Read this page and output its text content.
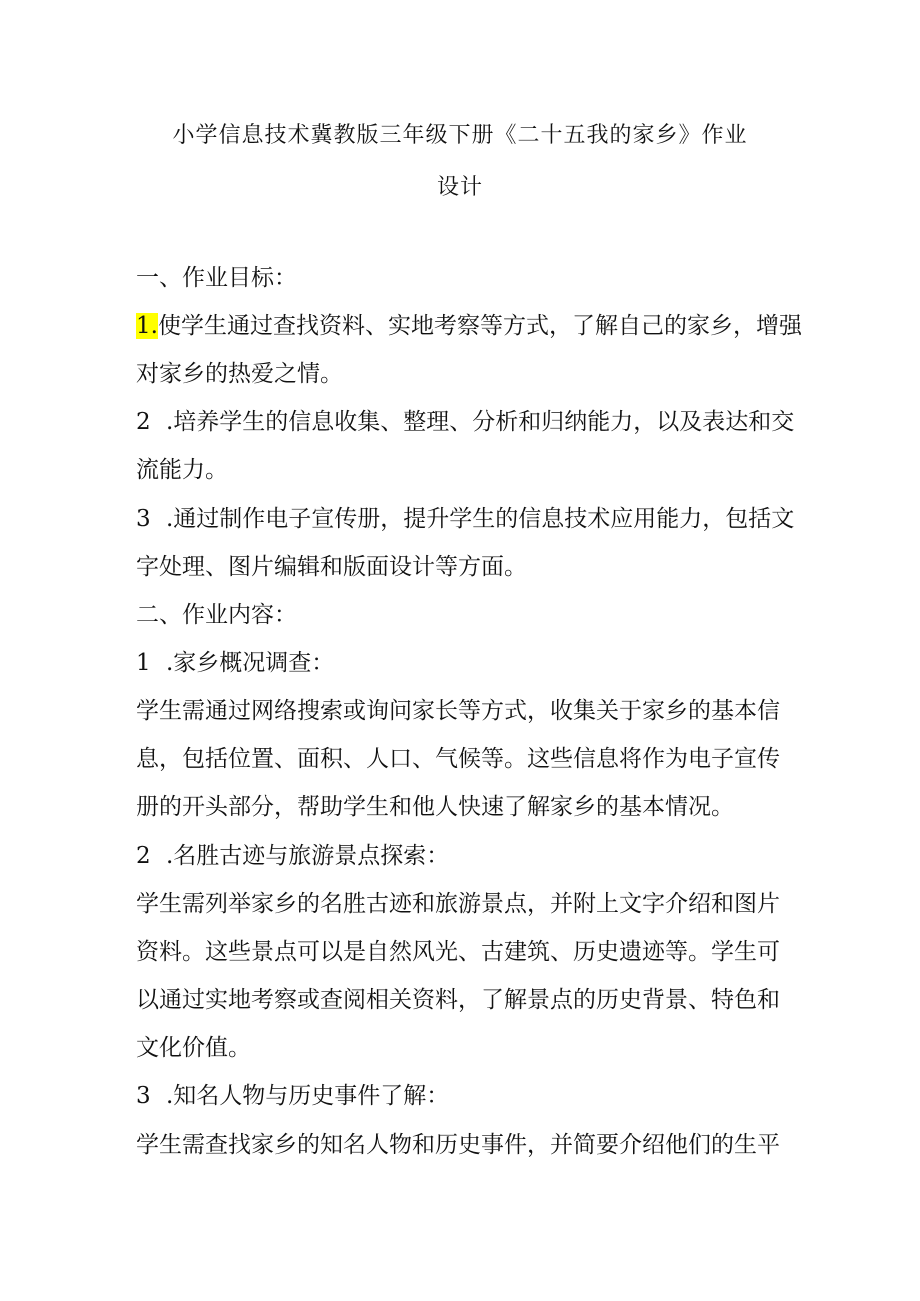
小学信息技术冀教版三年级下册《二十五我的家乡》作业
设计
一、作业目标：
1.使学生通过查找资料、实地考察等方式，了解自己的家乡，增强
对家乡的热爱之情。
2 .培养学生的信息收集、整理、分析和归纳能力，以及表达和交
流能力。
3 .通过制作电子宣传册，提升学生的信息技术应用能力，包括文
字处理、图片编辑和版面设计等方面。
二、作业内容：
1 .家乡概况调查：
学生需通过网络搜索或询问家长等方式，收集关于家乡的基本信
息，包括位置、面积、人口、气候等。这些信息将作为电子宣传
册的开头部分，帮助学生和他人快速了解家乡的基本情况。
2 .名胜古迹与旅游景点探索：
学生需列举家乡的名胜古迹和旅游景点，并附上文字介绍和图片
资料。这些景点可以是自然风光、古建筑、历史遗迹等。学生可
以通过实地考察或查阅相关资料，了解景点的历史背景、特色和
文化价值。
3 .知名人物与历史事件了解：
学生需查找家乡的知名人物和历史事件，并简要介绍他们的生平
